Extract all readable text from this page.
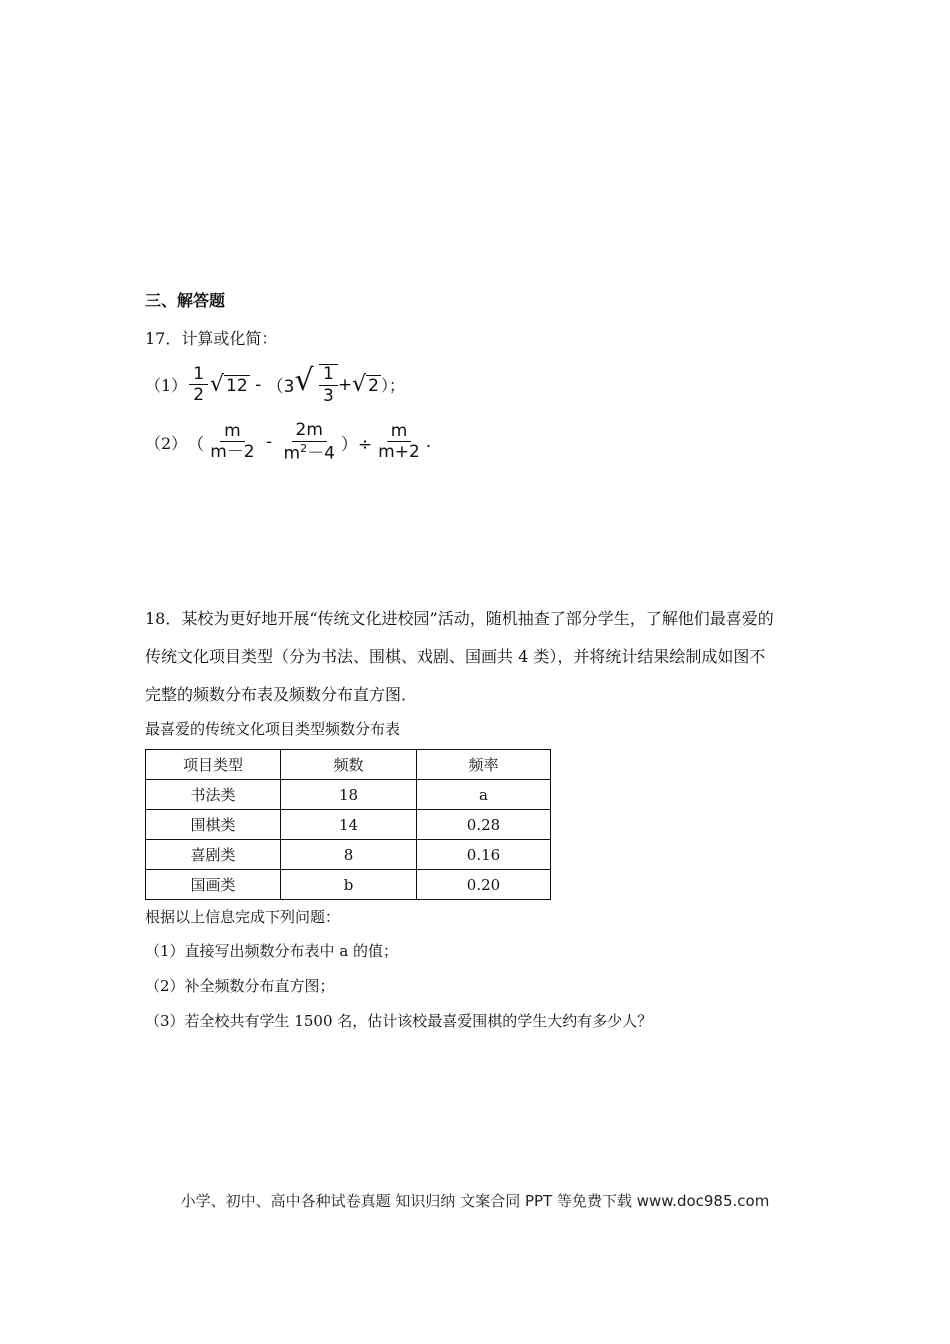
三、解答题
17．计算或化简：
$(1) \frac{1}{2}$ √ 12 - （3 √ $\frac{1}{3}$ + √ 2 ）；
（2） （ $\frac{m}{m-2} - \frac{2m}{m^2-4}$ ）÷ $\frac{m}{m+2}$ .
18．某校为更好地开展“传统文化进校园”活动，随机抽查了部分学生，了解他们最喜爱的
传统文化项目类型（分为书法、围棋、戏剧、国画共 4 类），并将统计结果绘制成如图不
完整的频数分布表及频数分布直方图．
最喜爱的传统文化项目类型频数分布表
项目类型	频数	频率
书法类	18	a
围棋类	14	0.28
喜剧类	8	0.16
国画类	b	0.20
根据以上信息完成下列问题：
（1）直接写出频数分布表中 a 的值；
（2）补全频数分布直方图；
（3）若全校共有学生 1500 名，估计该校最喜爱围棋的学生大约有多少人？
小学、初中、高中各种试卷真题 知识归纳 文案合同 PPT 等免费下载 www.doc985.com
